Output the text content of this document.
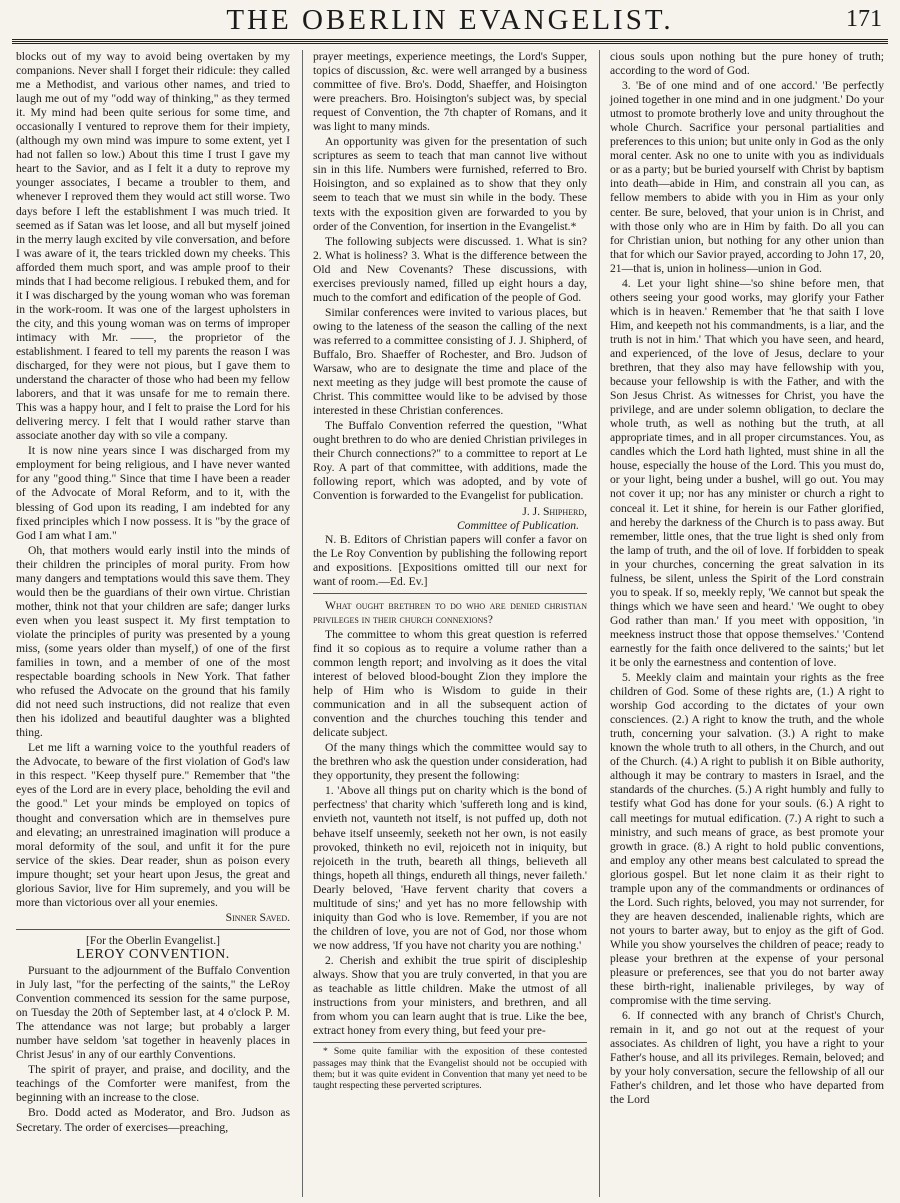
THE OBERLIN EVANGELIST.	171

blocks out of my way to avoid being overtaken by my companions. Never shall I forget their ridicule: they called me a Methodist, and various other names, and tried to laugh me out of my "odd way of thinking," as they termed it. My mind had been quite serious for some time, and occasionally I ventured to reprove them for their impiety, (although my own mind was impure to some extent, yet I had not fallen so low.) About this time I trust I gave my heart to the Savior, and as I felt it a duty to reprove my younger associates, I became a troubler to them, and whenever I reproved them they would act still worse. Two days before I left the establishment I was much tried. It seemed as if Satan was let loose, and all but myself joined in the merry laugh excited by vile conversation, and before I was aware of it, the tears trickled down my cheeks. This afforded them much sport, and was ample proof to their minds that I had become religious. I rebuked them, and for it I was discharged by the young woman who was foreman in the work-room. It was one of the largest upholsters in the city, and this young woman was on terms of improper intimacy with Mr. ——, the proprietor of the establishment. I feared to tell my parents the reason I was discharged, for they were not pious, but I gave them to understand the character of those who had been my fellow laborers, and that it was unsafe for me to remain there. This was a happy hour, and I felt to praise the Lord for his delivering mercy. I felt that I would rather starve than associate another day with so vile a company.

It is now nine years since I was discharged from my employment for being religious, and I have never wanted for any "good thing." Since that time I have been a reader of the Advocate of Moral Reform, and to it, with the blessing of God upon its reading, I am indebted for any fixed principles which I now possess. It is "by the grace of God I am what I am."

Oh, that mothers would early instil into the minds of their children the principles of moral purity. From how many dangers and temptations would this save them. They would then be the guardians of their own virtue. Christian mother, think not that your children are safe; danger lurks even when you least suspect it. My first temptation to violate the principles of purity was presented by a young miss, (some years older than myself,) of one of the first families in town, and a member of one of the most respectable boarding schools in New York. That father who refused the Advocate on the ground that his family did not need such instructions, did not realize that even then his idolized and beautiful daughter was a blighted thing.

Let me lift a warning voice to the youthful readers of the Advocate, to beware of the first violation of God's law in this respect. "Keep thyself pure." Remember that "the eyes of the Lord are in every place, beholding the evil and the good." Let your minds be employed on topics of thought and conversation which are in themselves pure and elevating; an unrestrained imagination will produce a moral deformity of the soul, and unfit it for the pure service of the skies. Dear reader, shun as poison every impure thought; set your heart upon Jesus, the great and glorious Savior, live for Him supremely, and you will be more than victorious over all your enemies.

Sinner Saved.
[For the Oberlin Evangelist.]
LEROY CONVENTION.

Pursuant to the adjournment of the Buffalo Convention in July last, "for the perfecting of the saints," the LeRoy Convention commenced its session for the same purpose, on Tuesday the 20th of September last, at 4 o'clock P. M. The attendance was not large; but probably a larger number have seldom 'sat together in heavenly places in Christ Jesus' in any of our earthly Conventions.

The spirit of prayer, and praise, and docility, and the teachings of the Comforter were manifest, from the beginning with an increase to the close.

Bro. Dodd acted as Moderator, and Bro. Judson as Secretary. The order of exercises—preaching,

prayer meetings, experience meetings, the Lord's Supper, topics of discussion, &c. were well arranged by a business committee of five. Bro's. Dodd, Shaeffer, and Hoisington were preachers. Bro. Hoisington's subject was, by special request of Convention, the 7th chapter of Romans, and it was light to many minds.

An opportunity was given for the presentation of such scriptures as seem to teach that man cannot live without sin in this life. Numbers were furnished, referred to Bro. Hoisington, and so explained as to show that they only seem to teach that we must sin while in the body. These texts with the exposition given are forwarded to you by order of the Convention, for insertion in the Evangelist.*

The following subjects were discussed. 1. What is sin? 2. What is holiness? 3. What is the difference between the Old and New Covenants? These discussions, with exercises previously named, filled up eight hours a day, much to the comfort and edification of the people of God.

Similar conferences were invited to various places, but owing to the lateness of the season the calling of the next was referred to a committee consisting of J. J. Shipherd, of Buffalo, Bro. Shaeffer of Rochester, and Bro. Judson of Warsaw, who are to designate the time and place of the next meeting as they judge will best promote the cause of Christ. This committee would like to be advised by those interested in these Christian conferences.

The Buffalo Convention referred the question, "What ought brethren to do who are denied Christian privileges in their Church connections?" to a committee to report at Le Roy. A part of that committee, with additions, made the following report, which was adopted, and by vote of Convention is forwarded to the Evangelist for publication.

J. J. Shipherd,
Committee of Publication.

N. B. Editors of Christian papers will confer a favor on the Le Roy Convention by publishing the following report and expositions. [Expositions omitted till our next for want of room.—Ed. Ev.]

What ought brethren to do who are denied christian privileges in their church connexions?

The committee to whom this great question is referred find it so copious as to require a volume rather than a common length report; and involving as it does the vital interest of beloved blood-bought Zion they implore the help of Him who is Wisdom to guide in their communication and in all the subsequent action of convention and the churches touching this tender and delicate subject.

Of the many things which the committee would say to the brethren who ask the question under consideration, had they opportunity, they present the following:

1. 'Above all things put on charity which is the bond of perfectness' that charity which 'suffereth long and is kind, envieth not, vaunteth not itself, is not puffed up, doth not behave itself unseemly, seeketh not her own, is not easily provoked, thinketh no evil, rejoiceth not in iniquity, but rejoiceth in the truth, beareth all things, believeth all things, hopeth all things, endureth all things, never faileth.' Dearly beloved, 'Have fervent charity that covers a multitude of sins;' and yet has no more fellowship with iniquity than God who is love. Remember, if you are not the children of love, you are not of God, nor those whom we now address, 'If you have not charity you are nothing.'

2. Cherish and exhibit the true spirit of discipleship always. Show that you are truly converted, in that you are as teachable as little children. Make the utmost of all instructions from your ministers, and brethren, and all from whom you can learn aught that is true. Like the bee, extract honey from every thing, but feed your pre-

* Some quite familiar with the exposition of these contested passages may think that the Evangelist should not be occupied with them; but it was quite evident in Convention that many yet need to be taught respecting these perverted scriptures.

cious souls upon nothing but the pure honey of truth; according to the word of God.

3. 'Be of one mind and of one accord.' 'Be perfectly joined together in one mind and in one judgment.' Do your utmost to promote brotherly love and unity throughout the whole Church. Sacrifice your personal partialities and preferences to this union; but unite only in God as the only moral center. Ask no one to unite with you as individuals or as a party; but be buried yourself with Christ by baptism into death—abide in Him, and constrain all you can, as fellow members to abide with you in Him as your only center. Be sure, beloved, that your union is in Christ, and with those only who are in Him by faith. Do all you can for Christian union, but nothing for any other union than that for which our Savior prayed, according to John 17, 20, 21—that is, union in holiness—union in God.

4. Let your light shine—'so shine before men, that others seeing your good works, may glorify your Father which is in heaven.' Remember that 'he that saith I love Him, and keepeth not his commandments, is a liar, and the truth is not in him.' That which you have seen, and heard, and experienced, of the love of Jesus, declare to your brethren, that they also may have fellowship with you, because your fellowship is with the Father, and with the Son Jesus Christ. As witnesses for Christ, you have the privilege, and are under solemn obligation, to declare the whole truth, as well as nothing but the truth, at all appropriate times, and in all proper circumstances. You, as candles which the Lord hath lighted, must shine in all the house, especially the house of the Lord. This you must do, or your light, being under a bushel, will go out. You may not cover it up; nor has any minister or church a right to conceal it. Let it shine, for herein is our Father glorified, and hereby the darkness of the Church is to pass away. But remember, little ones, that the true light is shed only from the lamp of truth, and the oil of love. If forbidden to speak in your churches, concerning the great salvation in its fulness, be silent, unless the Spirit of the Lord constrain you to speak. If so, meekly reply, 'We cannot but speak the things which we have seen and heard.' 'We ought to obey God rather than man.' If you meet with opposition, 'in meekness instruct those that oppose themselves.' 'Contend earnestly for the faith once delivered to the saints;' but let it be only the earnestness and contention of love.

5. Meekly claim and maintain your rights as the free children of God. Some of these rights are, (1.) A right to worship God according to the dictates of your own consciences. (2.) A right to know the truth, and the whole truth, concerning your salvation. (3.) A right to make known the whole truth to all others, in the Church, and out of the Church. (4.) A right to publish it on Bible authority, although it may be contrary to masters in Israel, and the standards of the churches. (5.) A right humbly and fully to testify what God has done for your souls. (6.) A right to call meetings for mutual edification. (7.) A right to such a ministry, and such means of grace, as best promote your growth in grace. (8.) A right to hold public conventions, and employ any other means best calculated to spread the glorious gospel. But let none claim it as their right to trample upon any of the commandments or ordinances of the Lord. Such rights, beloved, you may not surrender, for they are heaven descended, inalienable rights, which are not yours to barter away, but to enjoy as the gift of God. While you show yourselves the children of peace; ready to please your brethren at the expense of your personal pleasure or preferences, see that you do not barter away these birth-right, inalienable privileges, by way of compromise with the time serving.

6. If connected with any branch of Christ's Church, remain in it, and go not out at the request of your associates. As children of light, you have a right to your Father's house, and all its privileges. Remain, beloved; and by your holy conversation, secure the fellowship of all our Father's children, and let those who have departed from the Lord
